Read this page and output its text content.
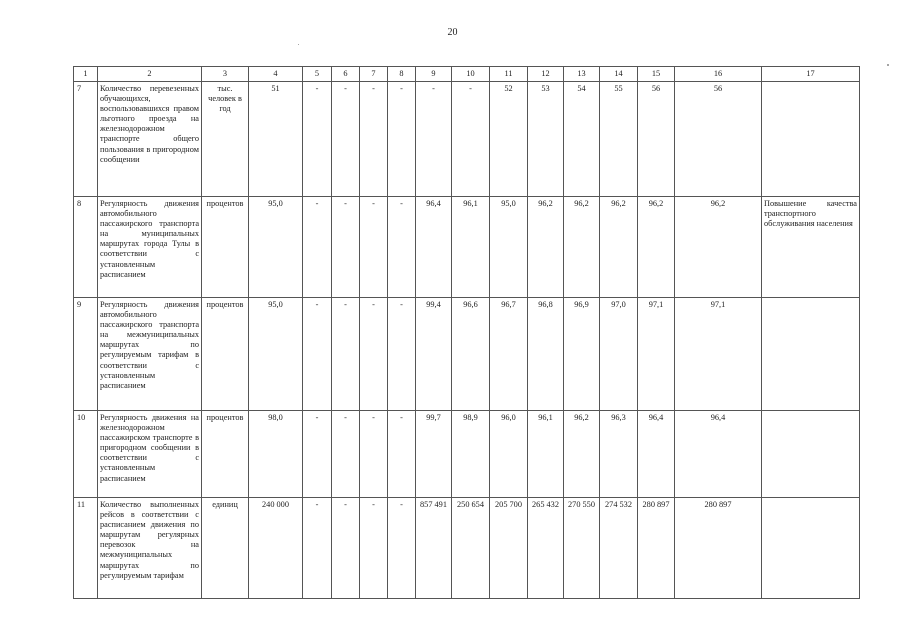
20
1	2	3	4	5	6	7	8	9	10	11	12	13	14	15	16	17
7	Количество перевезенных обучающихся, воспользовавшихся правом льготного проезда на железнодорожном транспорте общего пользования в пригородном сообщении	тыс. человек в год	51	-	-	-	-	-	-	52	53	54	55	56	56	
8	Регулярность движения автомобильного пассажирского транспорта на муниципальных маршрутах города Тулы в соответствии с установленным расписанием	процентов	95,0	-	-	-	-	96,4	96,1	95,0	96,2	96,2	96,2	96,2	96,2	Повышение качества транспортного обслуживания населения
9	Регулярность движения автомобильного пассажирского транспорта на межмуниципальных маршрутах по регулируемым тарифам в соответствии с установленным расписанием	процентов	95,0	-	-	-	-	99,4	96,6	96,7	96,8	96,9	97,0	97,1	97,1	
10	Регулярность движения на железнодорожном пассажирском транспорте в пригородном сообщении в соответствии с установленным расписанием	процентов	98,0	-	-	-	-	99,7	98,9	96,0	96,1	96,2	96,3	96,4	96,4	
11	Количество выполненных рейсов в соответствии с расписанием движения по маршрутам регулярных перевозок на межмуниципальных маршрутах по регулируемым тарифам	единиц	240 000	-	-	-	-	857 491	250 654	205 700	265 432	270 550	274 532	280 897	280 897	
